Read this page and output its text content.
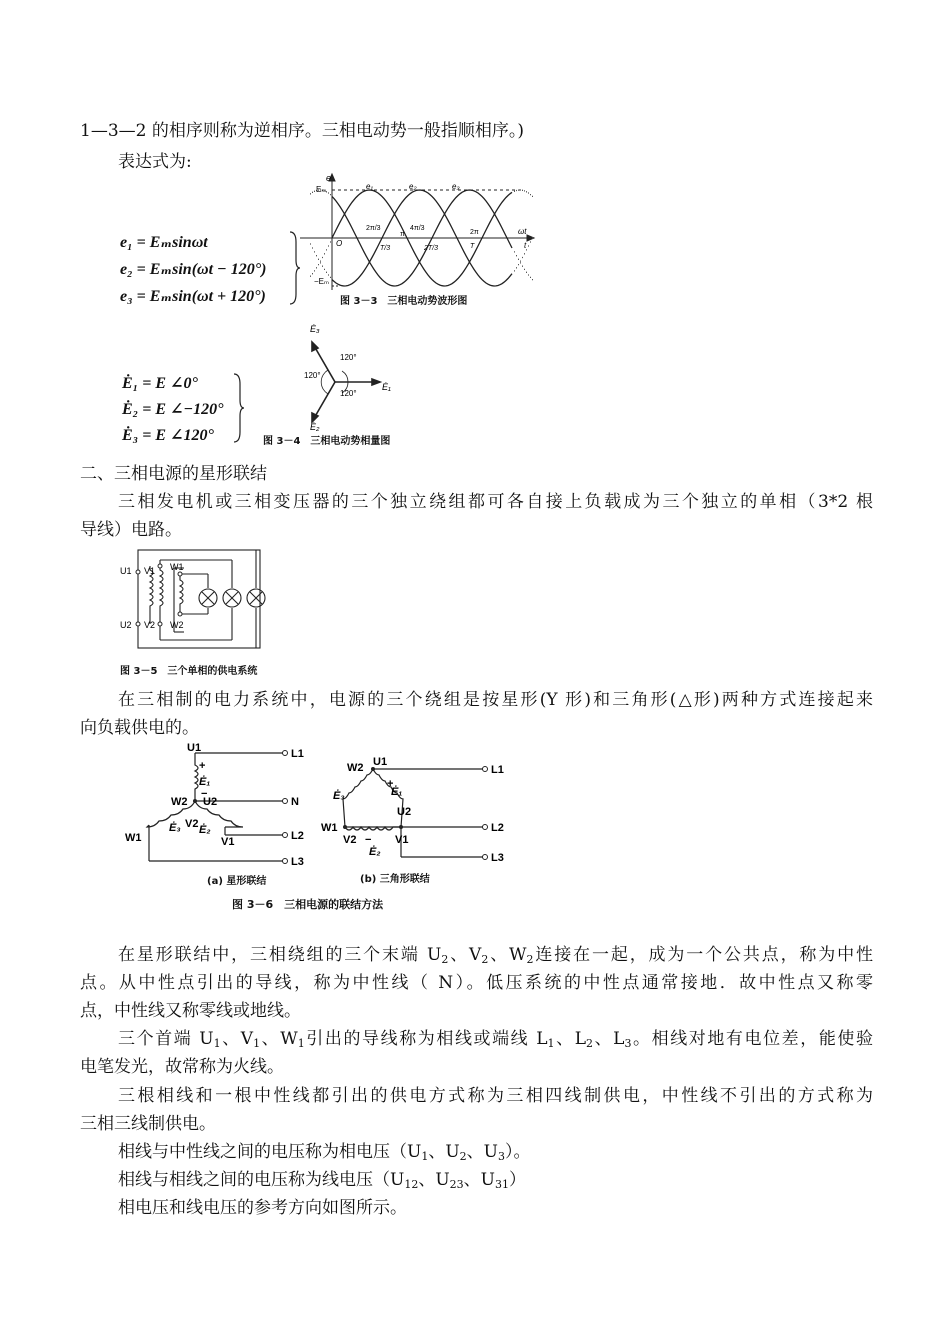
1—3—2 的相序则称为逆相序。三相电动势一般指顺相序。)
表达式为:
e₁ = Eₘsinωt
e₂ = Eₘsin(ωt − 120°)
e₃ = Eₘsin(ωt + 120°)
e
Eₘ	e₁	e₂	e₃
O
−Eₘ
2π/3
T/3
π
4π/3
2T/3
2π
T
ωt
t
图 3－3　三相电动势波形图
Ė₁ = E ∠0°
Ė₂ = E ∠−120°
Ė₃ = E ∠120°
Ė₃
120°
120°
120°
Ė₁
Ė₂
图 3－4　三相电动势相量图
二、三相电源的星形联结
三相发电机或三相变压器的三个独立绕组都可各自接上负载成为三个独立的单相（3*2 根
导线）电路。
U1 V1 W1
U2 V2 W2
图 3－5　三个单相的供电系统
在三相制的电力系统中，电源的三个绕组是按星形(Y 形)和三角形(△形)两种方式连接起来
向负载供电的。
U1	L1
W2 U2	N
V2
W1	V1	L2
L3
Ė₁
Ė₃ Ė₂
+
−
W2 U1
L1
Ė₃	Ė₁
U2
W1	L2
V2	V1
Ė₂	L3
+
−
(a) 星形联结	(b) 三角形联结
图 3－6　三相电源的联结方法
在星形联结中，三相绕组的三个末端 $U_2$、$V_2$、$W_2$连接在一起，成为一个公共点，称为中性
点。从中性点引出的导线，称为中性线（ N）。低压系统的中性点通常接地．故中性点又称零
点，中性线又称零线或地线。
三个首端 $U_1$、$V_1$、$W_1$引出的导线称为相线或端线 $L_1$、$L_2$、$L_3$。相线对地有电位差，能使验
电笔发光，故常称为火线。
三根相线和一根中性线都引出的供电方式称为三相四线制供电，中性线不引出的方式称为
三相三线制供电。
相线与中性线之间的电压称为相电压（$U_1$、$U_2$、$U_3$）。
相线与相线之间的电压称为线电压（$U_{12}$、$U_{23}$、$U_{31}$）
相电压和线电压的参考方向如图所示。
